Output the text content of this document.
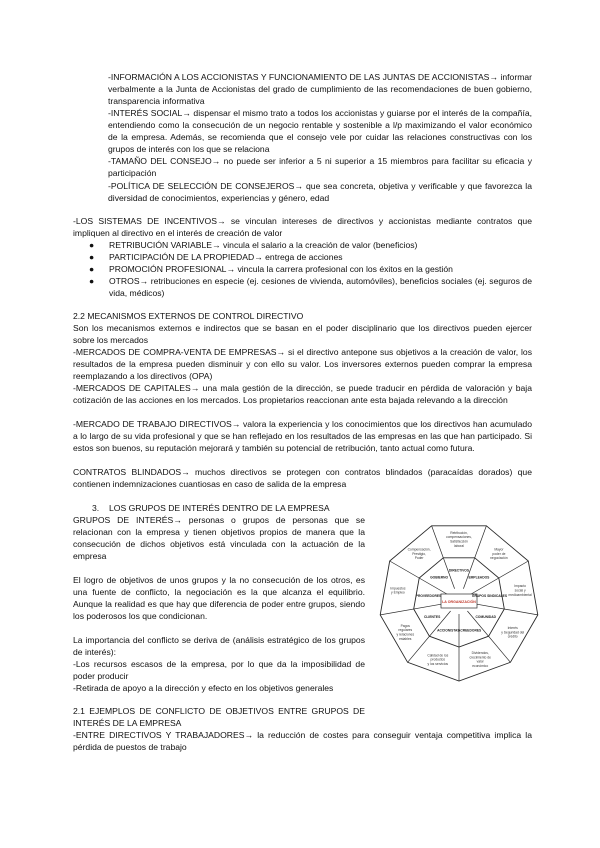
-INFORMACIÓN A LOS ACCIONISTAS Y FUNCIONAMIENTO DE LAS JUNTAS DE ACCIONISTAS→ informar verbalmente a la Junta de Accionistas del grado de cumplimiento de las recomendaciones de buen gobierno, transparencia informativa
-INTERÉS SOCIAL→ dispensar el mismo trato a todos los accionistas y guiarse por el interés de la compañía, entendiendo como la consecución de un negocio rentable y sostenible a l/p maximizando el valor económico de la empresa. Además, se recomienda que el consejo vele por cuidar las relaciones constructivas con los grupos de interés con los que se relaciona
-TAMAÑO DEL CONSEJO→ no puede ser inferior a 5 ni superior a 15 miembros para facilitar su eficacia y participación
-POLÍTICA DE SELECCIÓN DE CONSEJEROS→ que sea concreta, objetiva y verificable y que favorezca la diversidad de conocimientos, experiencias y género, edad
-LOS SISTEMAS DE INCENTIVOS→ se vinculan intereses de directivos y accionistas mediante contratos que impliquen al directivo en el interés de creación de valor
● RETRIBUCIÓN VARIABLE→ vincula el salario a la creación de valor (beneficios)
● PARTICIPACIÓN DE LA PROPIEDAD→ entrega de acciones
● PROMOCIÓN PROFESIONAL→ vincula la carrera profesional con los éxitos en la gestión
● OTROS→ retribuciones en especie (ej. cesiones de vivienda, automóviles), beneficios sociales (ej. seguros de vida, médicos)
2.2 MECANISMOS EXTERNOS DE CONTROL DIRECTIVO
Son los mecanismos externos e indirectos que se basan en el poder disciplinario que los directivos pueden ejercer sobre los mercados
-MERCADOS DE COMPRA-VENTA DE EMPRESAS→ si el directivo antepone sus objetivos a la creación de valor, los resultados de la empresa pueden disminuir y con ello su valor. Los inversores externos pueden comprar la empresa reemplazando a los directivos (OPA)
-MERCADOS DE CAPITALES→ una mala gestión de la dirección, se puede traducir en pérdida de valoración y baja cotización de las acciones en los mercados. Los propietarios reaccionan ante esta bajada relevando a la dirección
-MERCADO DE TRABAJO DIRECTIVOS→ valora la experiencia y los conocimientos que los directivos han acumulado a lo largo de su vida profesional y que se han reflejado en los resultados de las empresas en las que han participado. Si estos son buenos, su reputación mejorará y también su potencial de retribución, tanto actual como futura.
CONTRATOS BLINDADOS→ muchos directivos se protegen con contratos blindados (paracaídas dorados) que contienen indemnizaciones cuantiosas en caso de salida de la empresa
3. LOS GRUPOS DE INTERÉS DENTRO DE LA EMPRESA
GRUPOS DE INTERÉS→ personas o grupos de personas que se relacionan con la empresa y tienen objetivos propios de manera que la consecución de dichos objetivos está vinculada con la actuación de la empresa
El logro de objetivos de unos grupos y la no consecución de los otros, es una fuente de conflicto, la negociación es la que alcanza el equilibrio. Aunque la realidad es que hay que diferencia de poder entre grupos, siendo los poderosos los que condicionan.
La importancia del conflicto se deriva de (análisis estratégico de los grupos de interés):
-Los recursos escasos de la empresa, por lo que da la imposibilidad de poder producir
-Retirada de apoyo a la dirección y efecto en los objetivos generales
2.1 EJEMPLOS DE CONFLICTO DE OBJETIVOS ENTRE GRUPOS DE INTERÉS DE LA EMPRESA
-ENTRE DIRECTIVOS Y TRABAJADORES→ la reducción de costes para conseguir ventaja competitiva implica la pérdida de puestos de trabajo
LA ORGANIZACIÓN
DIRECTIVOS
EMPLEADOS
GRUPOS SINDICALES
COMUNIDAD
ACREEDORES
ACCIONISTAS
CLIENTES
PROVEEDORES
GOBIERNO
Retribución,
compensaciones,
Satisfacción
laboral
Mayor
poder de
negociación
Impacto
social y
medioambiental
Interés
y Seguridad del
crédito
Dividendos,
crecimiento de
valor
económico
Calidad de los
productos
y los servicios
Pagos
regulares
y relaciones
estables
Impuestos
y Empleo
Compensación,
Prestigio,
Poder
